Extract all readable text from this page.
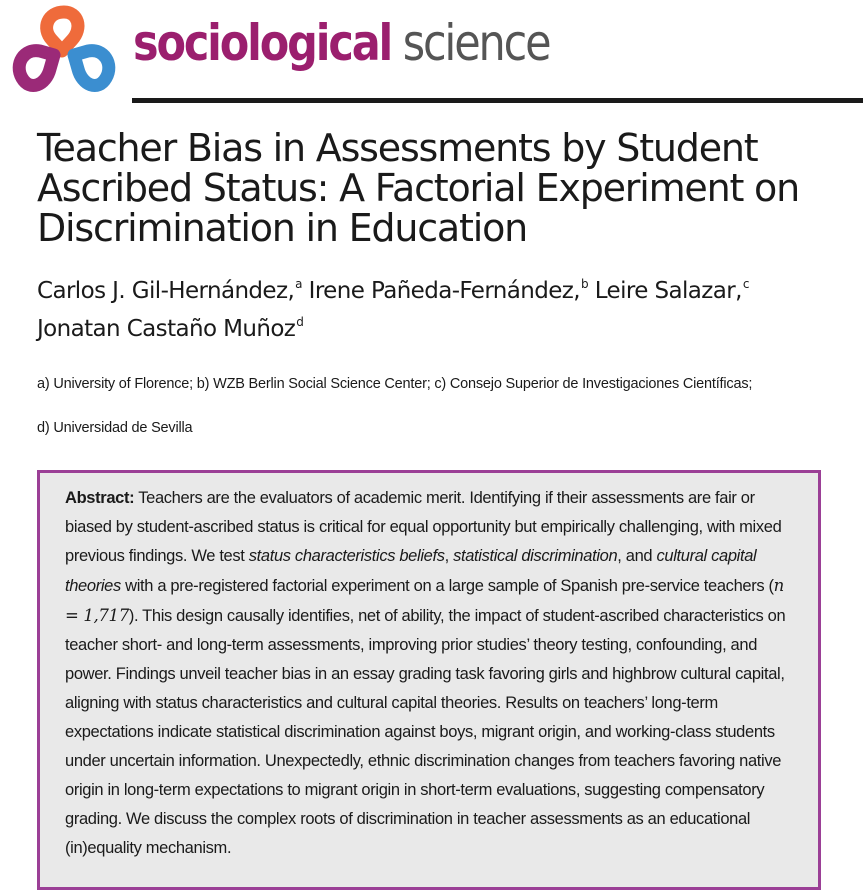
sociological science
Teacher Bias in Assessments by Student Ascribed Status: A Factorial Experiment on Discrimination in Education
Carlos J. Gil-Hernández,$^a$ Irene Pañeda-Fernández,$^b$ Leire Salazar,$^c$
Jonatan Castaño Muñoz$^d$
a) University of Florence; b) WZB Berlin Social Science Center; c) Consejo Superior de Investigaciones Científicas;
d) Universidad de Sevilla

Abstract: Teachers are the evaluators of academic merit. Identifying if their assessments are fair or biased by student-ascribed status is critical for equal opportunity but empirically challenging, with mixed previous findings. We test status characteristics beliefs, statistical discrimination, and cultural capital theories with a pre-registered factorial experiment on a large sample of Spanish pre-service teachers (n = 1,717). This design causally identifies, net of ability, the impact of student-ascribed characteristics on teacher short- and long-term assessments, improving prior studies’ theory testing, confounding, and power. Findings unveil teacher bias in an essay grading task favoring girls and highbrow cultural capital, aligning with status characteristics and cultural capital theories. Results on teachers’ long-term expectations indicate statistical discrimination against boys, migrant origin, and working-class students under uncertain information. Unexpectedly, ethnic discrimination changes from teachers favoring native origin in long-term expectations to migrant origin in short-term evaluations, suggesting compensatory grading. We discuss the complex roots of discrimination in teacher assessments as an educational (in)equality mechanism.
